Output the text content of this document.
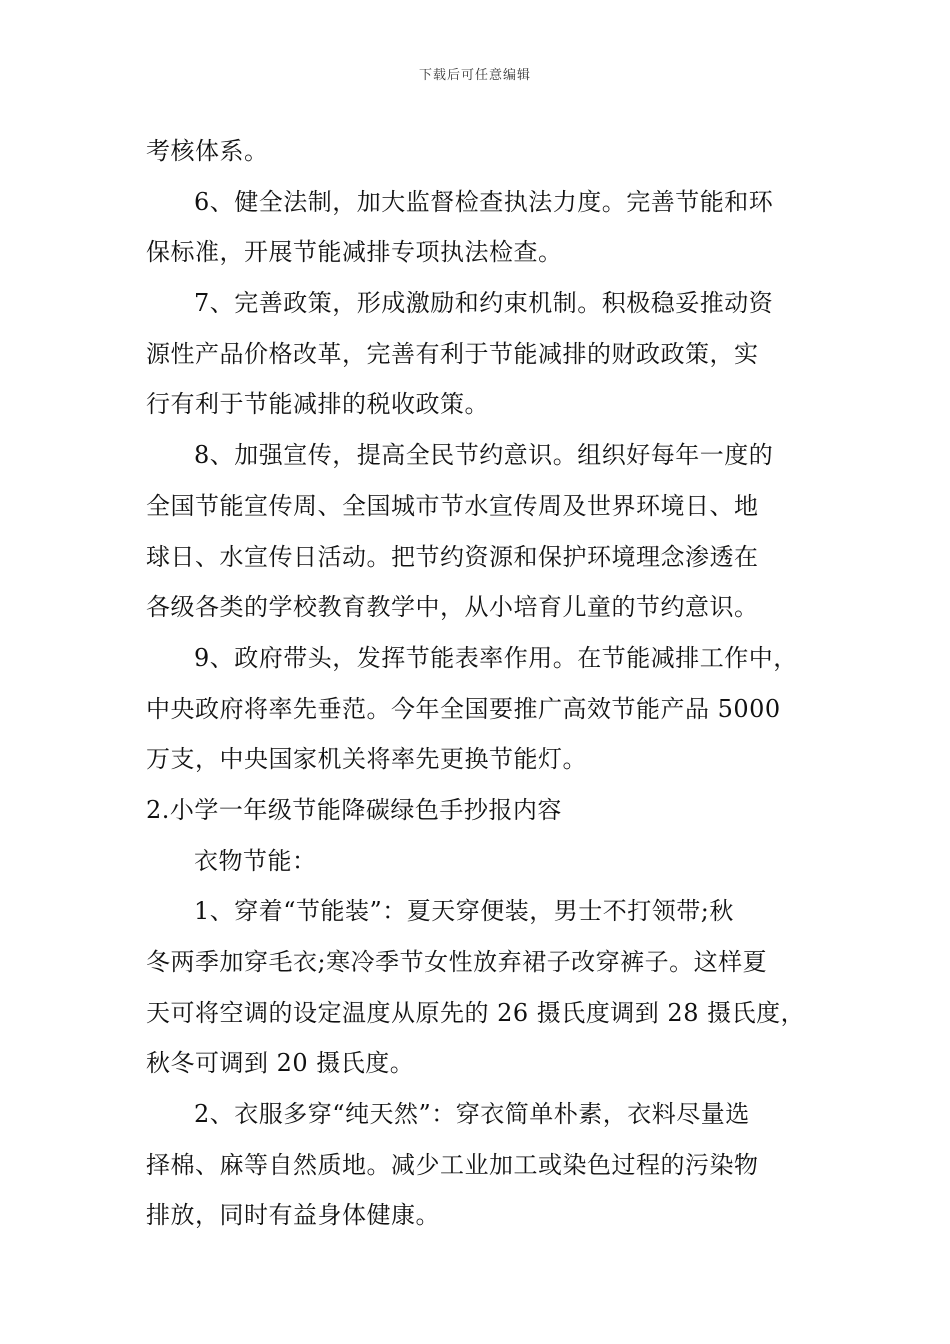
下载后可任意编辑
考核体系。
6、健全法制，加大监督检查执法力度。完善节能和环
保标准，开展节能减排专项执法检查。
7、完善政策，形成激励和约束机制。积极稳妥推动资
源性产品价格改革，完善有利于节能减排的财政政策，实
行有利于节能减排的税收政策。
8、加强宣传，提高全民节约意识。组织好每年一度的
全国节能宣传周、全国城市节水宣传周及世界环境日、地
球日、水宣传日活动。把节约资源和保护环境理念渗透在
各级各类的学校教育教学中，从小培育儿童的节约意识。
9、政府带头，发挥节能表率作用。在节能减排工作中，
中央政府将率先垂范。今年全国要推广高效节能产品 5000
万支，中央国家机关将率先更换节能灯。
2.小学一年级节能降碳绿色手抄报内容
衣物节能：
1、穿着“节能装”：夏天穿便装，男士不打领带;秋
冬两季加穿毛衣;寒冷季节女性放弃裙子改穿裤子。这样夏
天可将空调的设定温度从原先的 26 摄氏度调到 28 摄氏度，
秋冬可调到 20 摄氏度。
2、衣服多穿“纯天然”：穿衣简单朴素，衣料尽量选
择棉、麻等自然质地。减少工业加工或染色过程的污染物
排放，同时有益身体健康。
